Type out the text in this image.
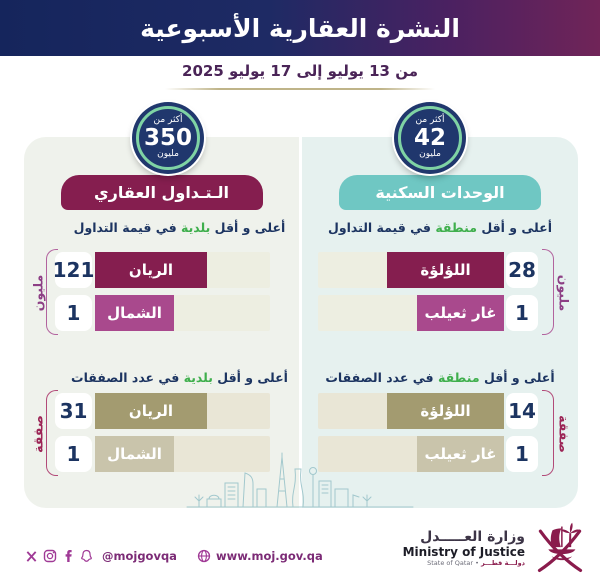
النشرة العقارية الأسبوعية
من 13 يوليو إلى 17 يوليو 2025
أكثر من
350
مليون
أكثر من
42
مليون
الـتـداول العقاري
أعلى و أقل بلدية في قيمة التداول
121	الريان
1	الشمال
مليون
أعلى و أقل بلدية في عدد الصفقات
31	الريان
1	الشمال
صفقة
الوحدات السكنية
أعلى و أقل منطقة في قيمة التداول
اللؤلؤة	28
غار ثعيلب 1
مليون
أعلى و أقل منطقة في عدد الصفقات
اللؤلؤة	14
غار ثعيلب 1
صفقة
@mojgovqa	www.moj.gov.qa
وزارة العـــــدل
Ministry of Justice
State of Qatar • دولـــة قطـــر
